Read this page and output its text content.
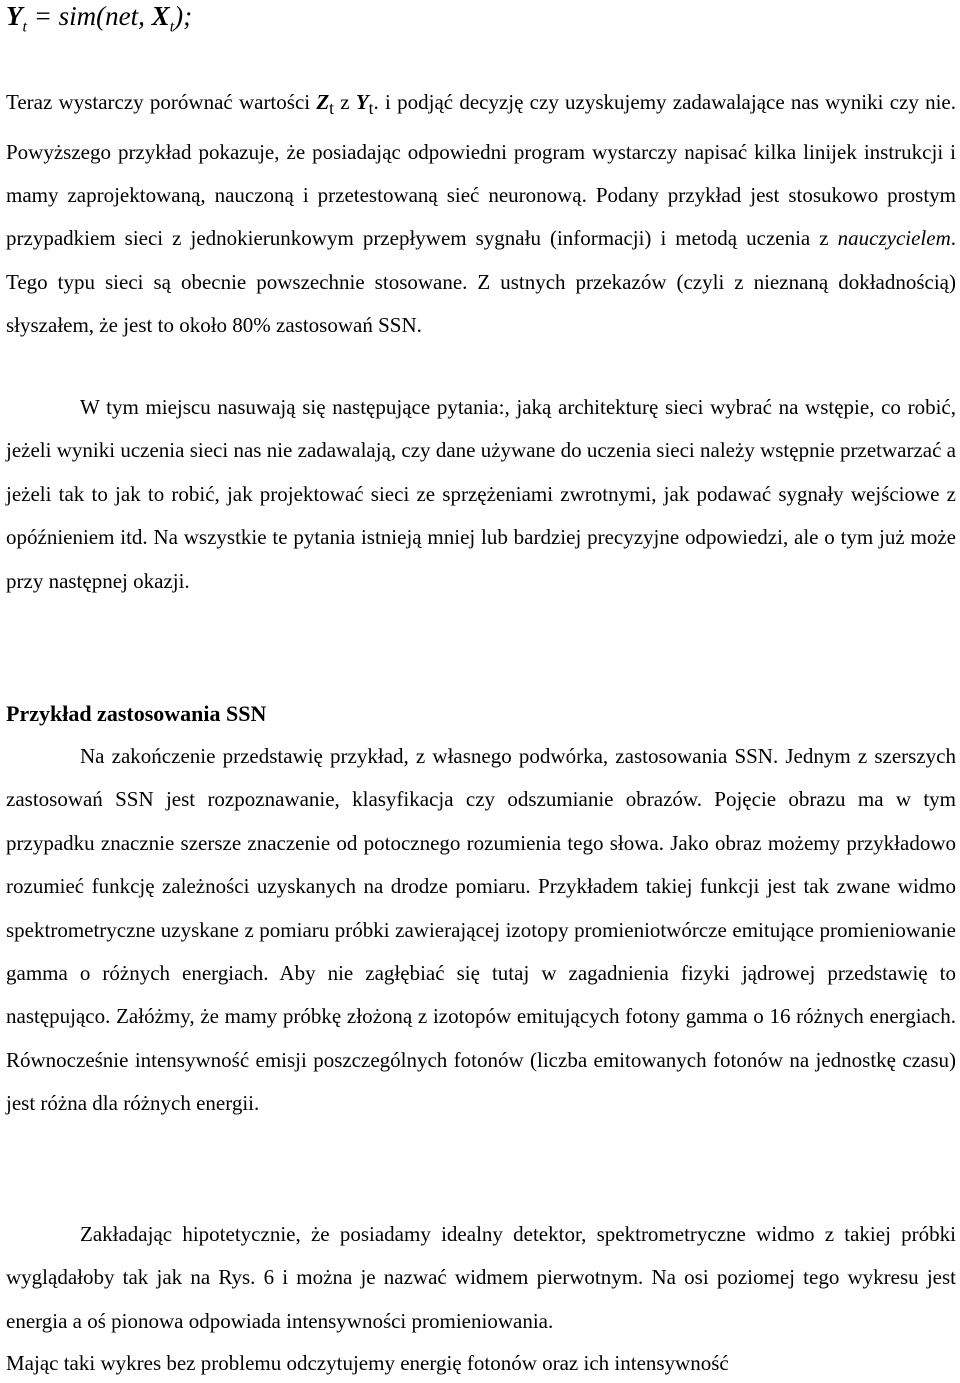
$Y_t = sim(net$, $X_t$);

Teraz wystarczy porównać wartości $Z_t$ z $Y_t$. i podjąć decyzję czy uzyskujemy zadawalające nas wyniki czy nie. Powyższego przykład pokazuje, że posiadając odpowiedni program wystarczy napisać kilka linijek instrukcji i mamy zaprojektowaną, nauczoną i przetestowaną sieć neuronową. Podany przykład jest stosukowo prostym przypadkiem sieci z jednokierunkowym przepływem sygnału (informacji) i metodą uczenia z nauczycielem. Tego typu sieci są obecnie powszechnie stosowane. Z ustnych przekazów (czyli z nieznaną dokładnością) słyszałem, że jest to około 80% zastosowań SSN.

W tym miejscu nasuwają się następujące pytania:, jaką architekturę sieci wybrać na wstępie, co robić, jeżeli wyniki uczenia sieci nas nie zadawalają, czy dane używane do uczenia sieci należy wstępnie przetwarzać a jeżeli tak to jak to robić, jak projektować sieci ze sprzężeniami zwrotnymi, jak podawać sygnały wejściowe z opóźnieniem itd. Na wszystkie te pytania istnieją mniej lub bardziej precyzyjne odpowiedzi, ale o tym już może przy następnej okazji.

Przykład zastosowania SSN

Na zakończenie przedstawię przykład, z własnego podwórka, zastosowania SSN. Jednym z szerszych zastosowań SSN jest rozpoznawanie, klasyfikacja czy odszumianie obrazów. Pojęcie obrazu ma w tym przypadku znacznie szersze znaczenie od potocznego rozumienia tego słowa. Jako obraz możemy przykładowo rozumieć funkcję zależności uzyskanych na drodze pomiaru. Przykładem takiej funkcji jest tak zwane widmo spektrometryczne uzyskane z pomiaru próbki zawierającej izotopy promieniotwórcze emitujące promieniowanie gamma o różnych energiach. Aby nie zagłębiać się tutaj w zagadnienia fizyki jądrowej przedstawię to następująco. Załóżmy, że mamy próbkę złożoną z izotopów emitujących fotony gamma o 16 różnych energiach. Równocześnie intensywność emisji poszczególnych fotonów (liczba emitowanych fotonów na jednostkę czasu) jest różna dla różnych energii.

Zakładając hipotetycznie, że posiadamy idealny detektor, spektrometryczne widmo z takiej próbki wyglądałoby tak jak na Rys. 6 i można je nazwać widmem pierwotnym. Na osi poziomej tego wykresu jest energia a oś pionowa odpowiada intensywności promieniowania.

Mając taki wykres bez problemu odczytujemy energię fotonów oraz ich intensywność
